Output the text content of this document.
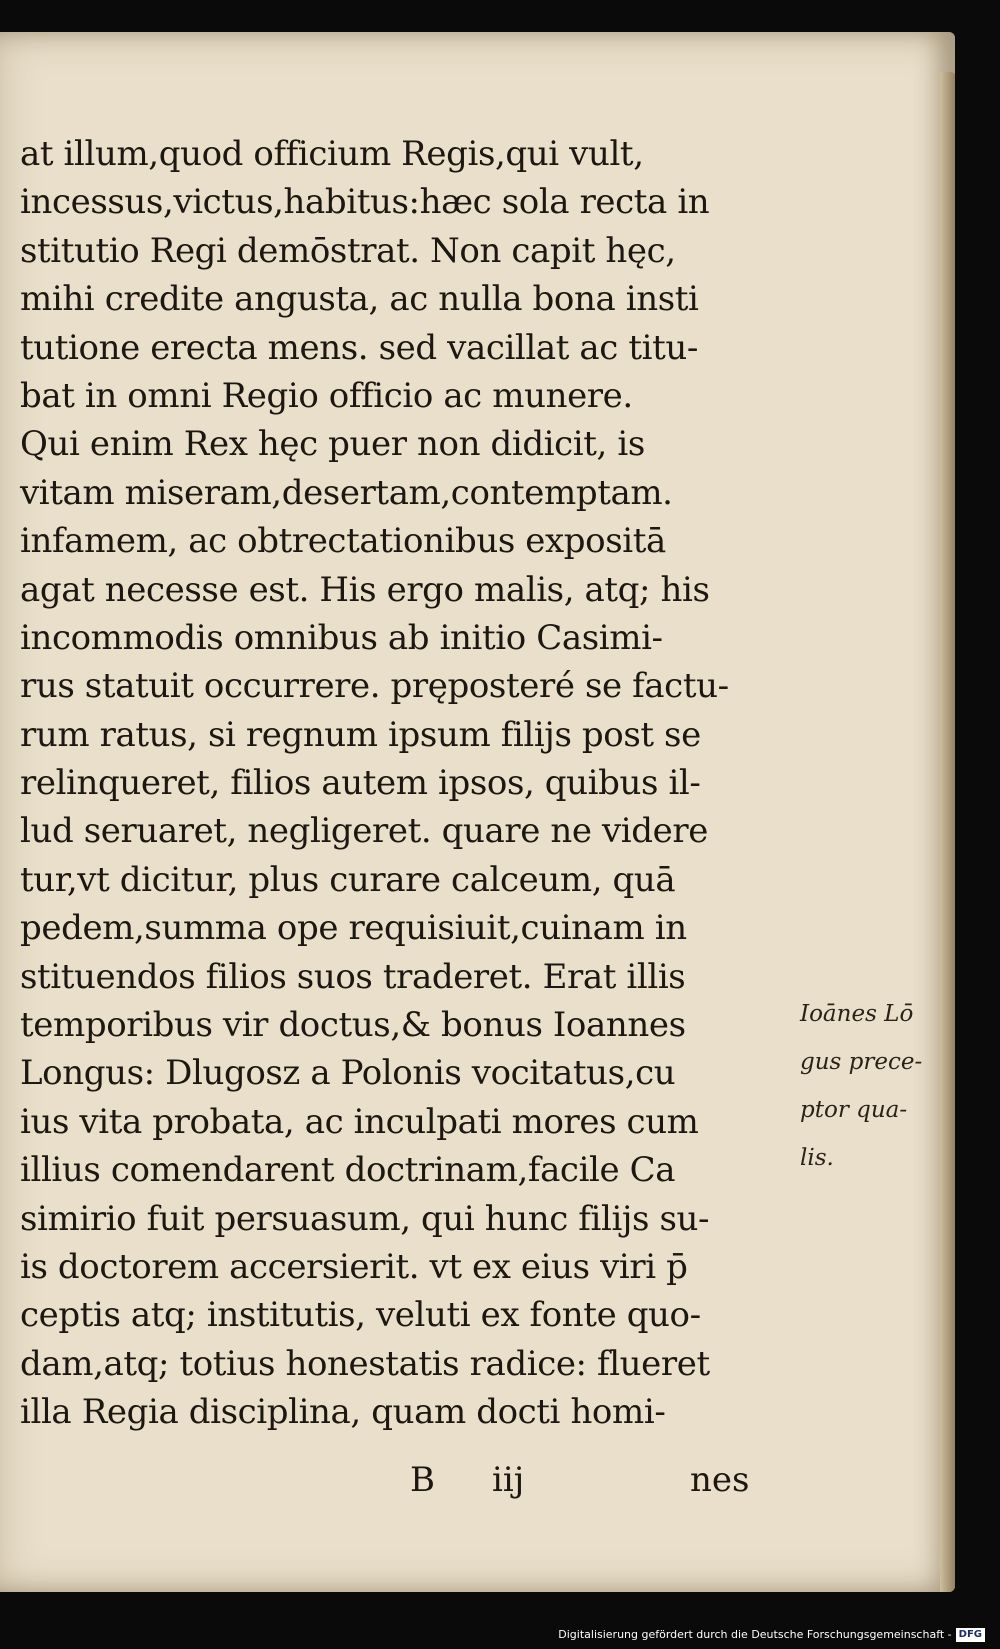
at illum,quod officium Regis,qui vult,
incessus,victus,habitus:hæc sola recta in
stitutio Regi demōstrat. Non capit hęc,
mihi credite angusta, ac nulla bona insti
tutione erecta mens. sed vacillat ac titu-
bat in omni Regio officio ac munere.
Qui enim Rex hęc puer non didicit, is
vitam miseram,desertam,contemptam.
infamem, ac obtrectationibus expositā
agat necesse est. His ergo malis, atq; his
incommodis omnibus ab initio Casimi-
rus statuit occurrere. pręposteré se factu-
rum ratus, si regnum ipsum filijs post se
relinqueret, filios autem ipsos, quibus il-
lud seruaret, negligeret. quare ne videre
tur,vt dicitur, plus curare calceum, quā
pedem,summa ope requisiuit,cuinam in
stituendos filios suos traderet. Erat illis
temporibus vir doctus,& bonus Ioannes
Longus: Dlugosz a Polonis vocitatus,cu
ius vita probata, ac inculpati mores cum
illius comendarent doctrinam,facile Ca
simirio fuit persuasum, qui hunc filijs su-
is doctorem accersierit. vt ex eius viri p̄
ceptis atq; institutis, veluti ex fonte quo-
dam,atq; totius honestatis radice: flueret
illa Regia disciplina, quam docti homi-
Ioānes Lō
gus prece-
ptor qua-
lis.
B iij	nes
Digitalisierung gefördert durch die Deutsche Forschungsgemeinschaft - DFG
